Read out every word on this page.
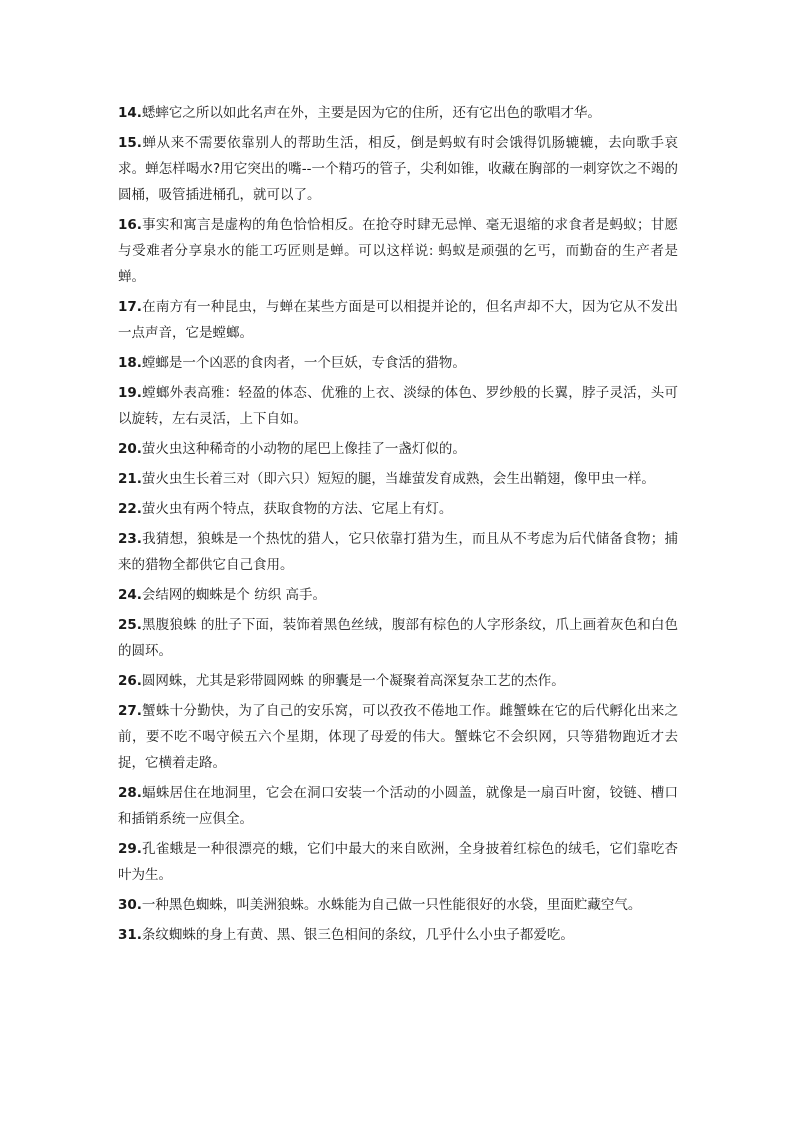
14.蟋蟀它之所以如此名声在外，主要是因为它的住所，还有它出色的歌唱才华。

15.蝉从来不需要依靠别人的帮助生活，相反，倒是蚂蚁有时会饿得饥肠辘辘，去向歌手哀求。蝉怎样喝水?用它突出的嘴--一个精巧的管子，尖利如锥，收藏在胸部的一刺穿饮之不竭的圆桶，吸管插进桶孔，就可以了。

16.事实和寓言是虚构的角色恰恰相反。在抢夺时肆无忌惮、毫无退缩的求食者是蚂蚁；甘愿与受难者分享泉水的能工巧匠则是蝉。可以这样说: 蚂蚁是顽强的乞丐，而勤奋的生产者是蝉。

17.在南方有一种昆虫，与蝉在某些方面是可以相提并论的，但名声却不大，因为它从不发出一点声音，它是螳螂。

18.螳螂是一个凶恶的食肉者，一个巨妖，专食活的猎物。

19.螳螂外表高雅：轻盈的体态、优雅的上衣、淡绿的体色、罗纱般的长翼，脖子灵活，头可以旋转，左右灵活，上下自如。

20.萤火虫这种稀奇的小动物的尾巴上像挂了一盏灯似的。

21.萤火虫生长着三对（即六只）短短的腿，当雄萤发育成熟，会生出鞘翅，像甲虫一样。

22.萤火虫有两个特点，获取食物的方法、它尾上有灯。

23.我猜想，狼蛛是一个热忱的猎人，它只依靠打猎为生，而且从不考虑为后代储备食物；捕来的猎物全都供它自己食用。

24.会结网的蜘蛛是个 纺织 高手。

25.黑腹狼蛛 的肚子下面，装饰着黑色丝绒，腹部有棕色的人字形条纹，爪上画着灰色和白色的圆环。

26.圆网蛛，尤其是彩带圆网蛛 的卵囊是一个凝聚着高深复杂工艺的杰作。

27.蟹蛛十分勤快，为了自己的安乐窝，可以孜孜不倦地工作。雌蟹蛛在它的后代孵化出来之前，要不吃不喝守候五六个星期，体现了母爱的伟大。蟹蛛它不会织网，只等猎物跑近才去捉，它横着走路。

28.蝠蛛居住在地洞里，它会在洞口安装一个活动的小圆盖，就像是一扇百叶窗，铰链、槽口和插销系统一应俱全。

29.孔雀蛾是一种很漂亮的蛾，它们中最大的来自欧洲，全身披着红棕色的绒毛，它们靠吃杏叶为生。

30.一种黑色蜘蛛，叫美洲狼蛛。水蛛能为自己做一只性能很好的水袋，里面贮藏空气。

31.条纹蜘蛛的身上有黄、黑、银三色相间的条纹，几乎什么小虫子都爱吃。
